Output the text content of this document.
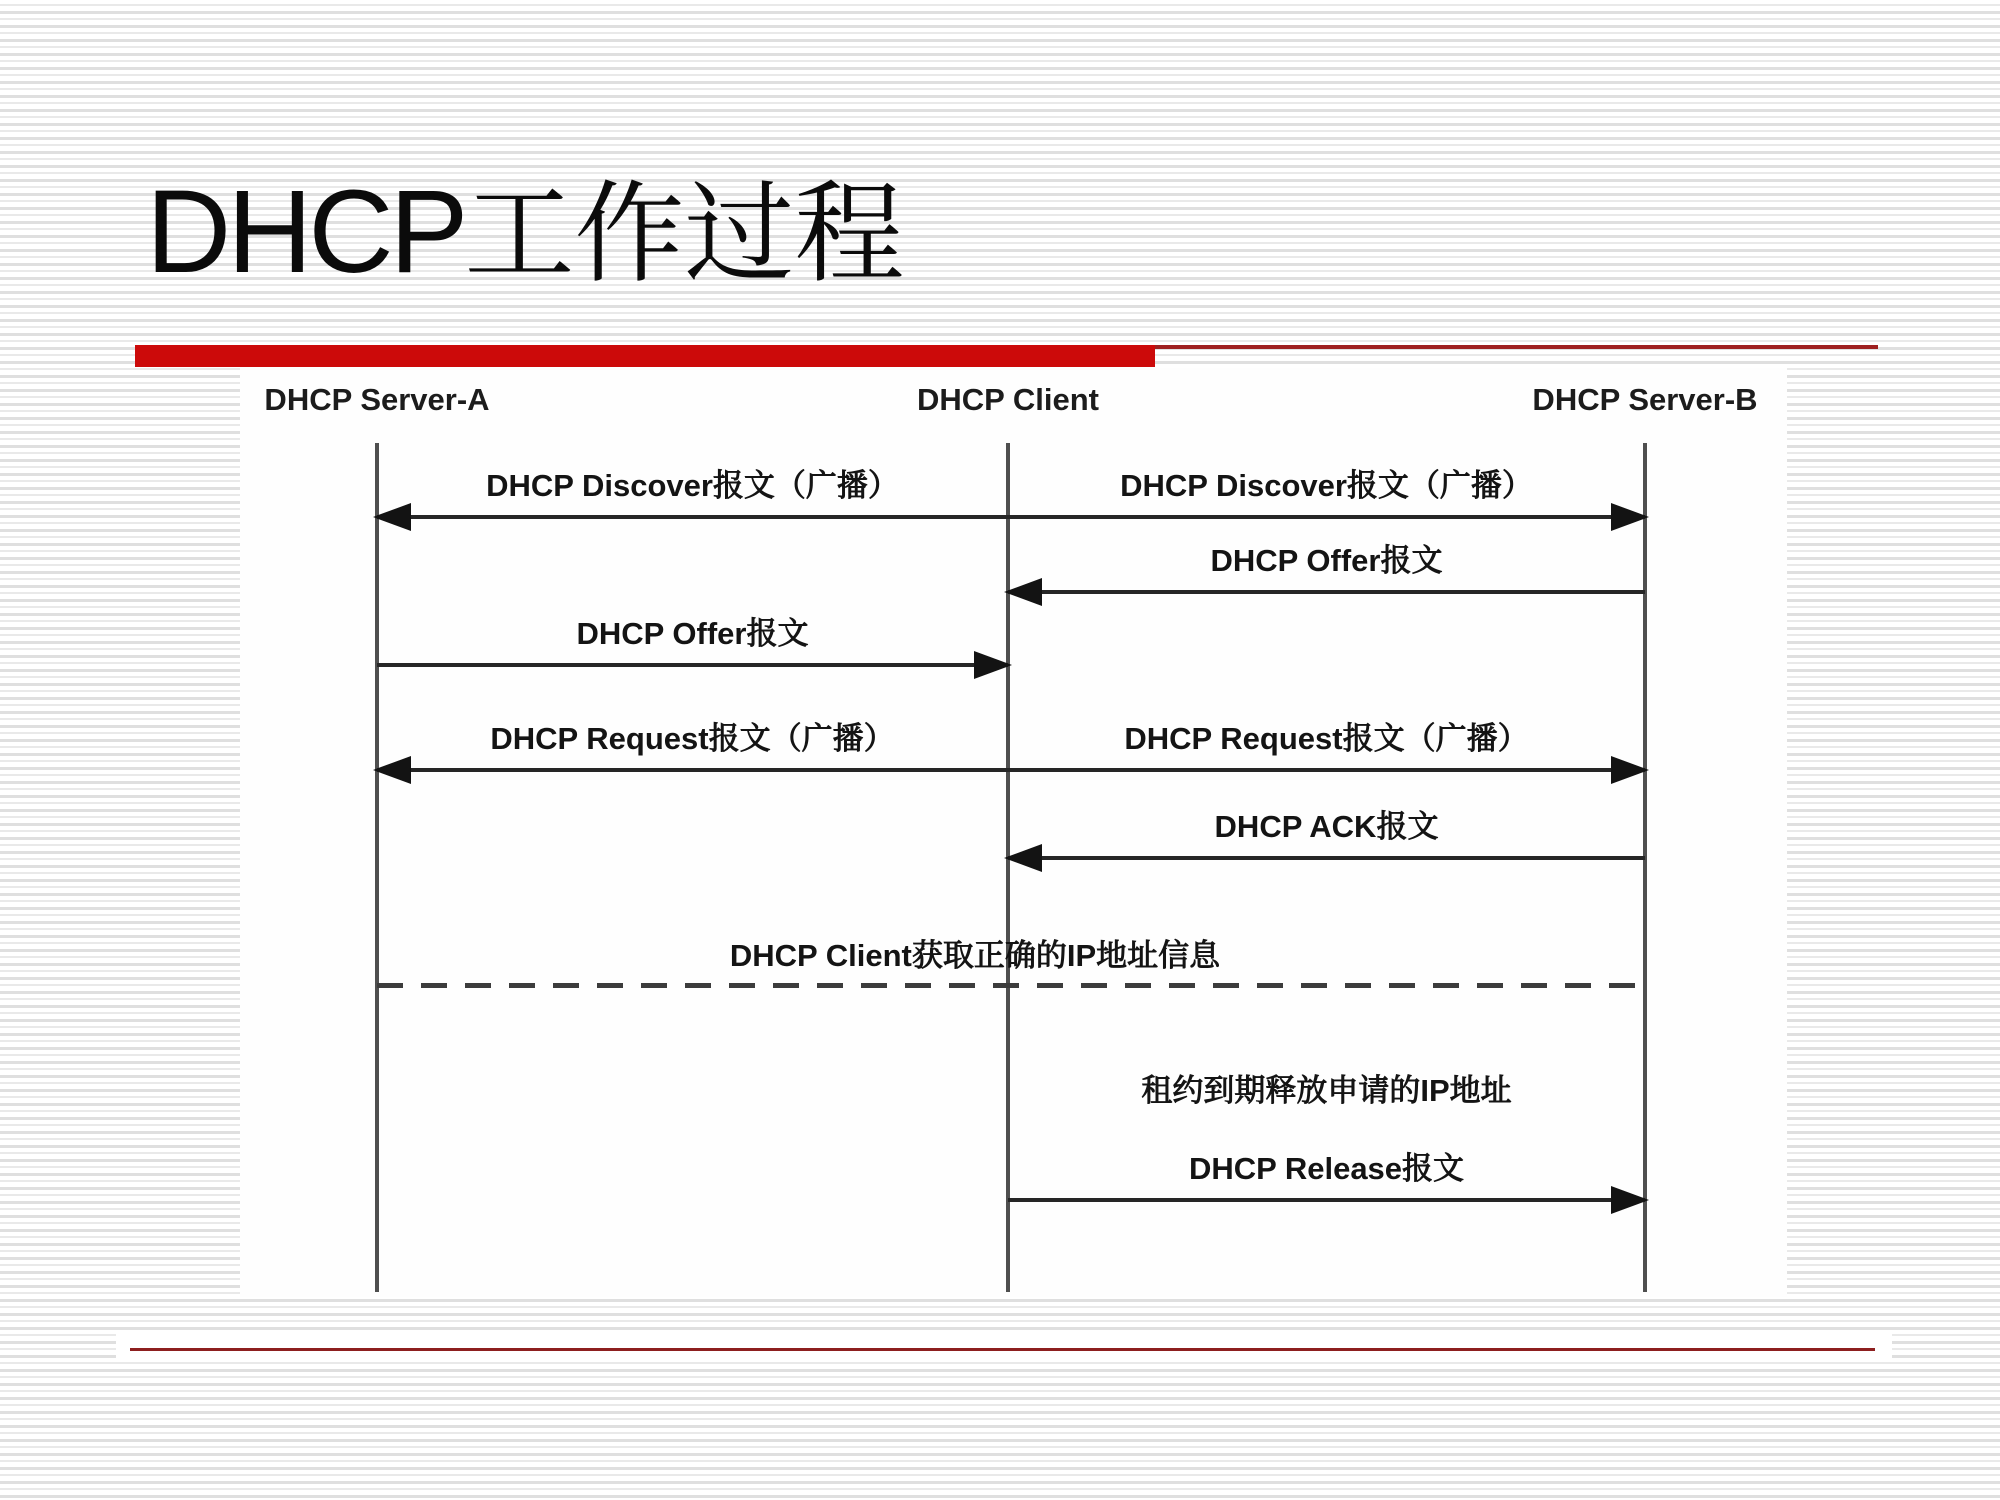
DHCP工作过程
DHCP Server-A	DHCP Client	DHCP Server-B
DHCP Discover报文（广播）	DHCP Discover报文（广播）
DHCP Offer报文
DHCP Offer报文
DHCP Request报文（广播）	DHCP Request报文（广播）
DHCP ACK报文
DHCP Client获取正确的IP地址信息
租约到期释放申请的IP地址
DHCP Release报文
